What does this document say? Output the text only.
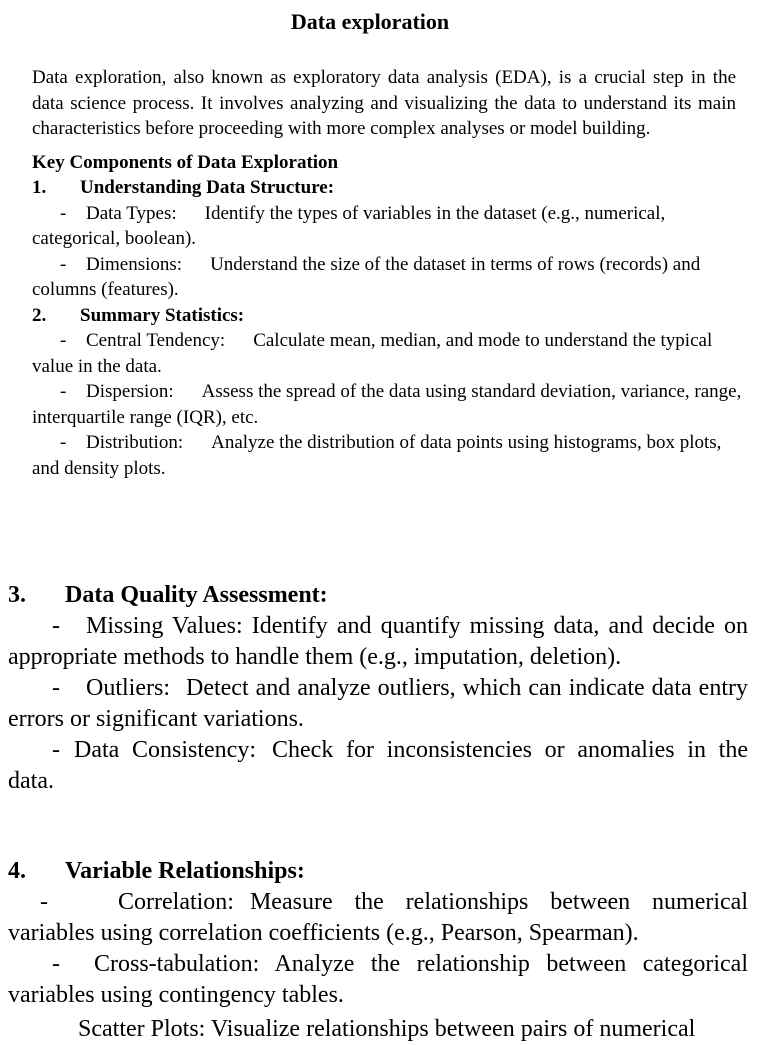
Data exploration

Data exploration, also known as exploratory data analysis (EDA), is a crucial step in the data science process. It involves analyzing and visualizing the data to understand its main characteristics before proceeding with more complex analyses or model building.

Key Components of Data Exploration
1.	Understanding Data Structure:
- Data Types: Identify the types of variables in the dataset (e.g., numerical, categorical, boolean).
- Dimensions: Understand the size of the dataset in terms of rows (records) and columns (features).
2.	Summary Statistics:
- Central Tendency: Calculate mean, median, and mode to understand the typical value in the data.
- Dispersion: Assess the spread of the data using standard deviation, variance, range, interquartile range (IQR), etc.
- Distribution: Analyze the distribution of data points using histograms, box plots, and density plots.
3.	Data Quality Assessment:
- Missing Values: Identify and quantify missing data, and decide on appropriate methods to handle them (e.g., imputation, deletion).
- Outliers: Detect and analyze outliers, which can indicate data entry errors or significant variations.
- Data Consistency: Check for inconsistencies or anomalies in the data.
4.	Variable Relationships:
-	Correlation: Measure the relationships between numerical variables using correlation coefficients (e.g., Pearson, Spearman).
- Cross-tabulation: Analyze the relationship between categorical variables using contingency tables.
Scatter Plots: Visualize relationships between pairs of numerical
